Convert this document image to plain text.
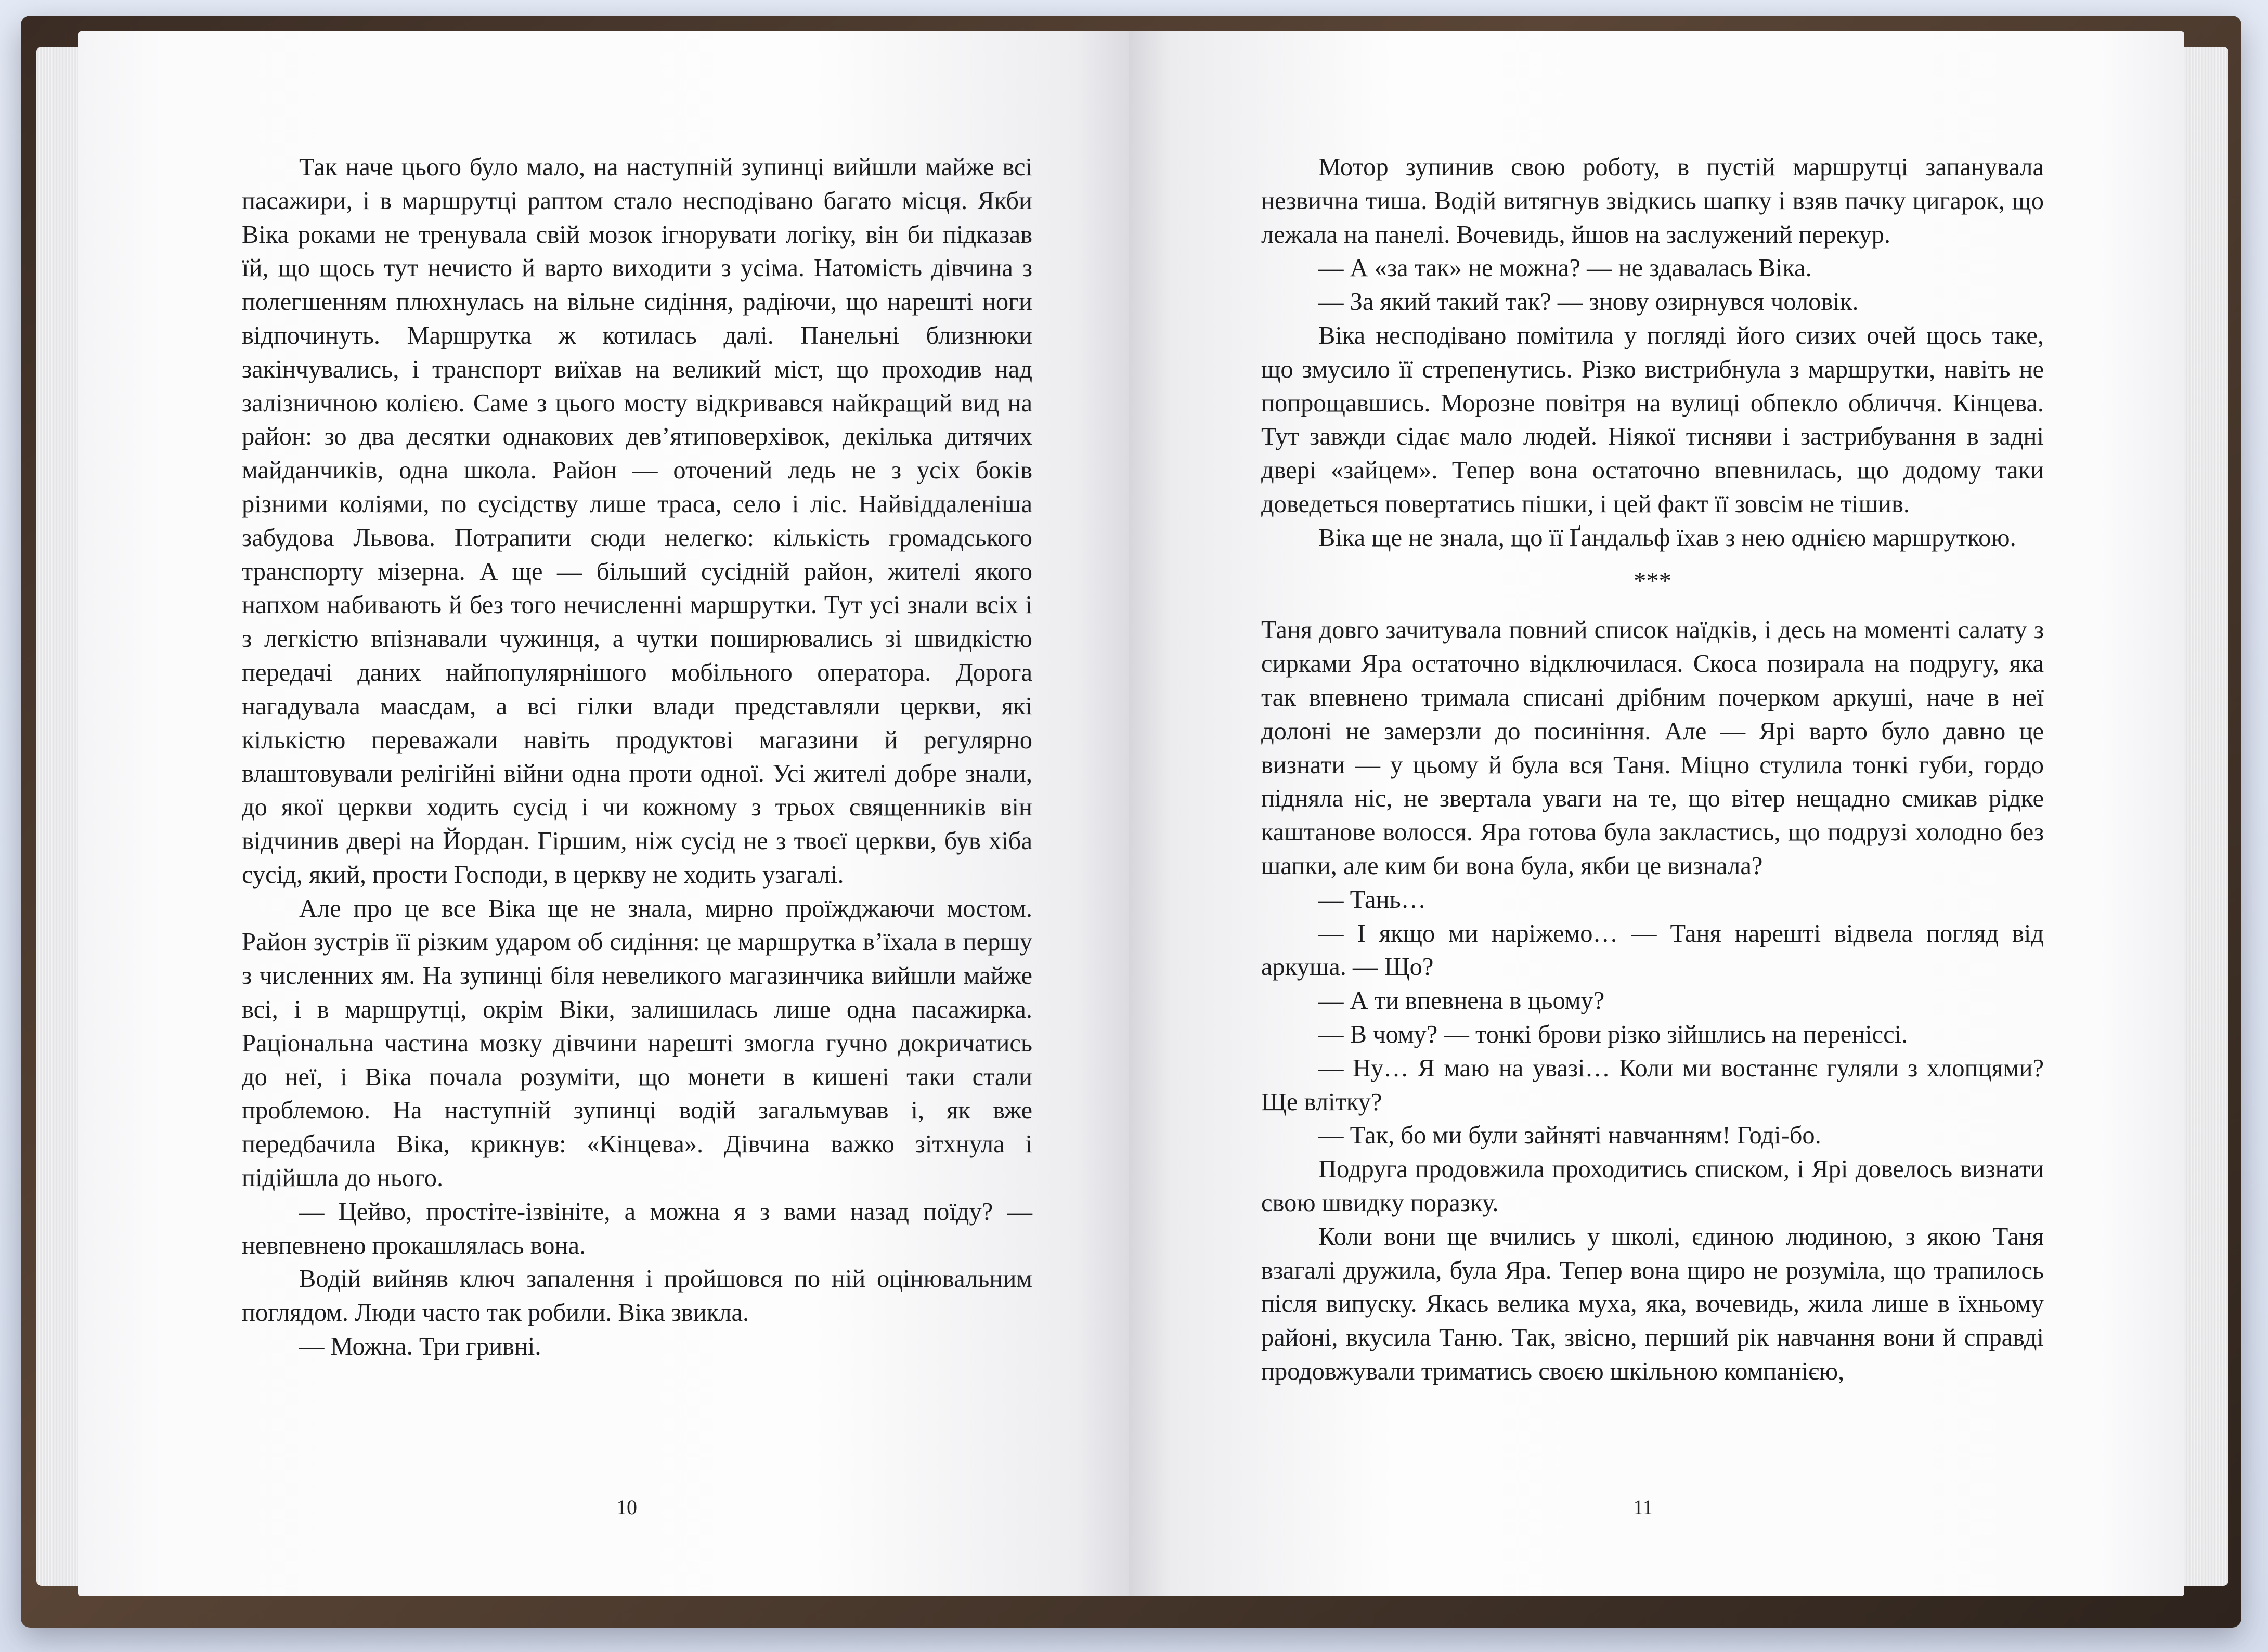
Так наче цього було мало, на наступній зупинці вийшли майже всі пасажири, і в маршрутці раптом стало несподівано багато місця. Якби Віка роками не тренувала свій мозок ігнорувати логіку, він би підказав їй, що щось тут нечисто й варто виходити з усіма. Натомість дівчина з полегшенням плюхнулась на вільне сидіння, радіючи, що нарешті ноги відпочинуть. Маршрутка ж котилась далі. Панельні близнюки закінчувались, і транспорт виїхав на великий міст, що проходив над залізничною колією. Саме з цього мосту відкривався найкращий вид на район: зо два десятки однакових дев’ятиповерхівок, декілька дитячих майданчиків, одна школа. Район — оточений ледь не з усіх боків різними коліями, по сусідству лише траса, село і ліс. Найвіддаленіша забудова Львова. Потрапити сюди нелегко: кількість громадського транспорту мізерна. А ще — більший сусідній район, жителі якого напхом набивають й без того нечисленні маршрутки. Тут усі знали всіх і з легкістю впізнавали чужинця, а чутки поширювались зі швидкістю передачі даних найпопулярнішого мобільного оператора. Дорога нагадувала маасдам, а всі гілки влади представляли церкви, які кількістю переважали навіть продуктові магазини й регулярно влаштовували релігійні війни одна проти одної. Усі жителі добре знали, до якої церкви ходить сусід і чи кожному з трьох священників він відчинив двері на Йордан. Гіршим, ніж сусід не з твоєї церкви, був хіба сусід, який, прости Господи, в церкву не ходить узагалі.

Але про це все Віка ще не знала, мирно проїжджаючи мостом. Район зустрів її різким ударом об сидіння: це маршрутка в’їхала в першу з численних ям. На зупинці біля невеликого магазинчика вийшли майже всі, і в маршрутці, окрім Віки, залишилась лише одна пасажирка. Раціональна частина мозку дівчини нарешті змогла гучно докричатись до неї, і Віка почала розуміти, що монети в кишені таки стали проблемою. На наступній зупинці водій загальмував і, як вже передбачила Віка, крикнув: «Кінцева». Дівчина важко зітхнула і підійшла до нього.

— Цейво, простіте-ізвініте, а можна я з вами назад поїду? — невпевнено прокашлялась вона.

Водій вийняв ключ запалення і пройшовся по ній оцінювальним поглядом. Люди часто так робили. Віка звикла.

— Можна. Три гривні.

10

Мотор зупинив свою роботу, в пустій маршрутці запанувала незвична тиша. Водій витягнув звідкись шапку і взяв пачку цигарок, що лежала на панелі. Вочевидь, йшов на заслужений перекур.

— А «за так» не можна? — не здавалась Віка.

— За який такий так? — знову озирнувся чоловік.

Віка несподівано помітила у погляді його сизих очей щось таке, що змусило її стрепенутись. Різко вистрибнула з маршрутки, навіть не попрощавшись. Морозне повітря на вулиці обпекло обличчя. Кінцева. Тут завжди сідає мало людей. Ніякої тисняви і застрибування в задні двері «зайцем». Тепер вона остаточно впевнилась, що додому таки доведеться повертатись пішки, і цей факт її зовсім не тішив.

Віка ще не знала, що її Ґандальф їхав з нею однією маршруткою.

***

Таня довго зачитувала повний список наїдків, і десь на моменті салату з сирками Яра остаточно відключилася. Скоса позирала на подругу, яка так впевнено тримала списані дрібним почерком аркуші, наче в неї долоні не замерзли до посиніння. Але — Ярі варто було давно це визнати — у цьому й була вся Таня. Міцно стулила тонкі губи, гордо підняла ніс, не звертала уваги на те, що вітер нещадно смикав рідке каштанове волосся. Яра готова була закластись, що подрузі холодно без шапки, але ким би вона була, якби це визнала?

— Тань…

— І якщо ми наріжемо… — Таня нарешті відвела погляд від аркуша. — Що?

— А ти впевнена в цьому?

— В чому? — тонкі брови різко зійшлись на переніссі.

— Ну… Я маю на увазі… Коли ми востаннє гуляли з хлопцями? Ще влітку?

— Так, бо ми були зайняті навчанням! Годі-бо.

Подруга продовжила проходитись списком, і Ярі довелось визнати свою швидку поразку.

Коли вони ще вчились у школі, єдиною людиною, з якою Таня взагалі дружила, була Яра. Тепер вона щиро не розуміла, що трапилось після випуску. Якась велика муха, яка, вочевидь, жила лише в їхньому районі, вкусила Таню. Так, звісно, перший рік навчання вони й справді продовжували триматись своєю шкільною компанією,

11
